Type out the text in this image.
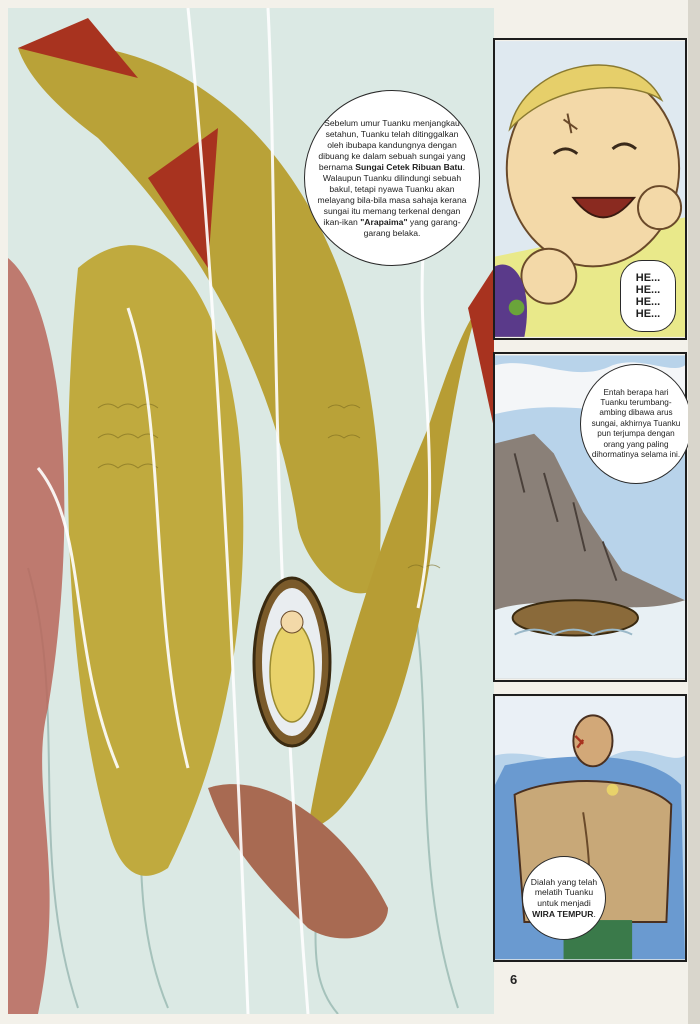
Sebelum umur Tuanku menjangkau setahun, Tuanku telah ditinggalkan oleh ibubapa kandungnya dengan dibuang ke dalam sebuah sungai yang bernama Sungai Cetek Ribuan Batu. Walaupun Tuanku dilindungi sebuah bakul, tetapi nyawa Tuanku akan melayang bila-bila masa sahaja kerana sungai itu memang terkenal dengan ikan-ikan "Arapaima" yang garang-garang belaka.
HE...
HE...
HE...
HE...
Entah berapa hari Tuanku terumbang-ambing dibawa arus sungai, akhirnya Tuanku pun terjumpa dengan orang yang paling dihormatinya selama ini.
Dialah yang telah melatih Tuanku untuk menjadi WIRA TEMPUR.
6
